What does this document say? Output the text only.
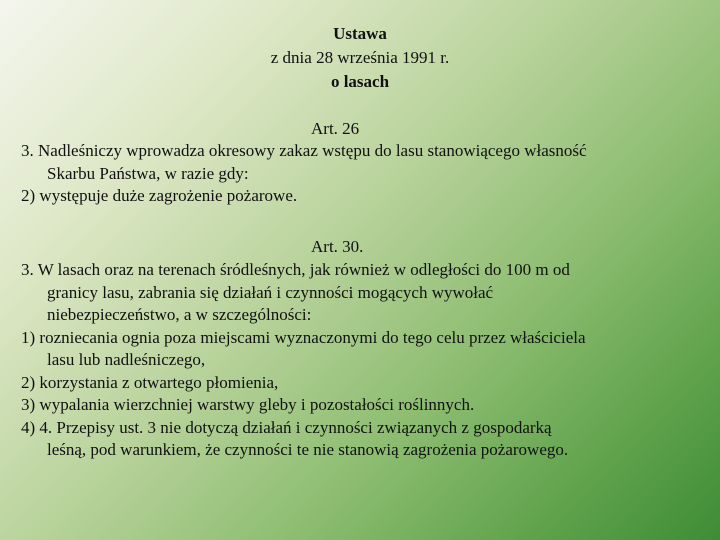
Ustawa
z dnia 28 września 1991 r.
o lasach
Art. 26
3. Nadleśniczy wprowadza okresowy zakaz wstępu do lasu stanowiącego własność
Skarbu Państwa, w razie gdy:
2) występuje duże zagrożenie pożarowe.
Art. 30.
3. W lasach oraz na terenach śródleśnych, jak również w odległości do 100 m od
granicy lasu, zabrania się działań i czynności mogących wywołać
niebezpieczeństwo, a w szczególności:
1) rozniecania ognia poza miejscami wyznaczonymi do tego celu przez właściciela
lasu lub nadleśniczego,
2) korzystania z otwartego płomienia,
3) wypalania wierzchniej warstwy gleby i pozostałości roślinnych.
4) 4. Przepisy ust. 3 nie dotyczą działań i czynności związanych z gospodarką
leśną, pod warunkiem, że czynności te nie stanowią zagrożenia pożarowego.
